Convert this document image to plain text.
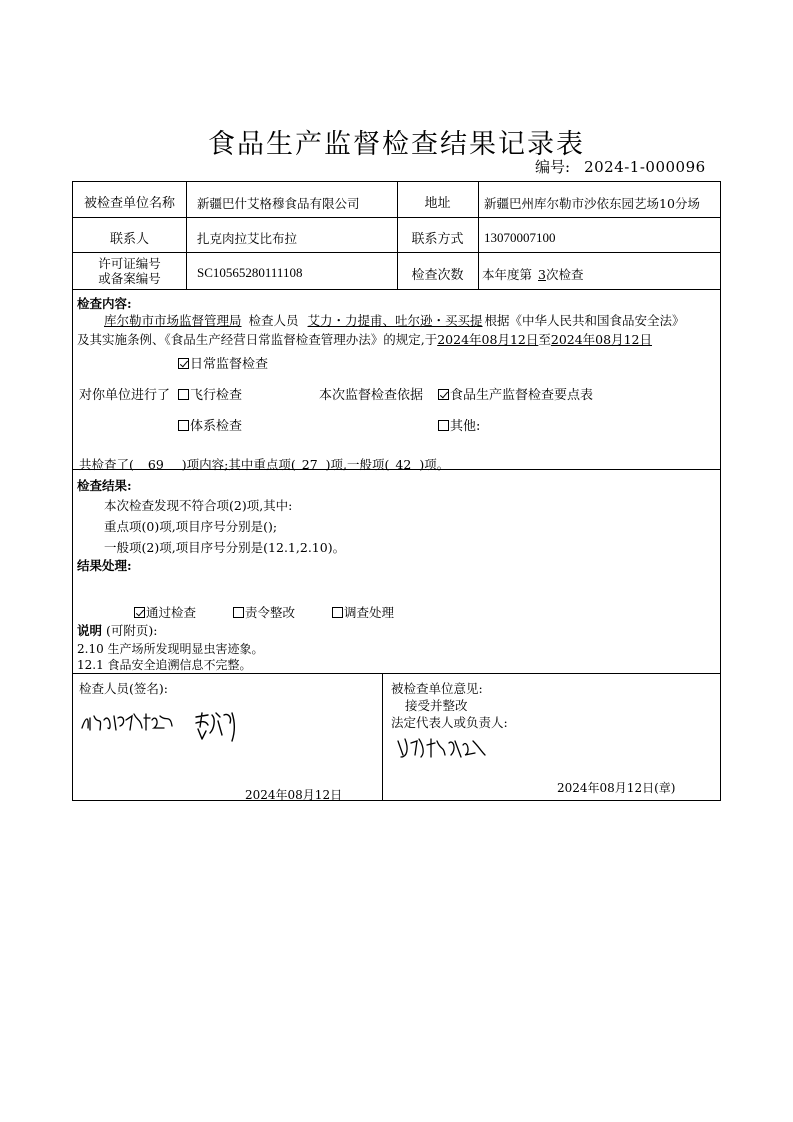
食品生产监督检查结果记录表
编号: 2024-1-000096
被检查单位名称	新疆巴什艾格穆食品有限公司	地址	新疆巴州库尔勒市沙依东园艺场10分场
联系人	扎克肉拉艾比布拉	联系方式	13070007100
许可证编号
或备案编号	SC10565280111108	检查次数	本年度第 3次检查
检查内容:
库尔勒市市场监督管理局 检查人员 艾力・力提甫、吐尔逊・买买提 根据《中华人民共和国食品安全法》
及其实施条例、《食品生产经营日常监督检查管理办法》的规定,于2024年08月12日至2024年08月12日
日常监督检查
对你单位进行了	飞行检查	本次监督检查依据	食品生产监督检查要点表
体系检查	其他:
共检查了( 69 )项内容;其中重点项( 27 )项,一般项( 42 )项。
检查结果:
本次检查发现不符合项(2)项,其中:
重点项(0)项,项目序号分别是();
一般项(2)项,项目序号分别是(12.1,2.10)。
结果处理:
通过检查	责令整改	调查处理
说明 (可附页):
2.10 生产场所发现明显虫害迹象。
12.1 食品安全追溯信息不完整。
检查人员(签名):
2024年08月12日
被检查单位意见:
接受并整改
法定代表人或负责人:
2024年08月12日(章)
